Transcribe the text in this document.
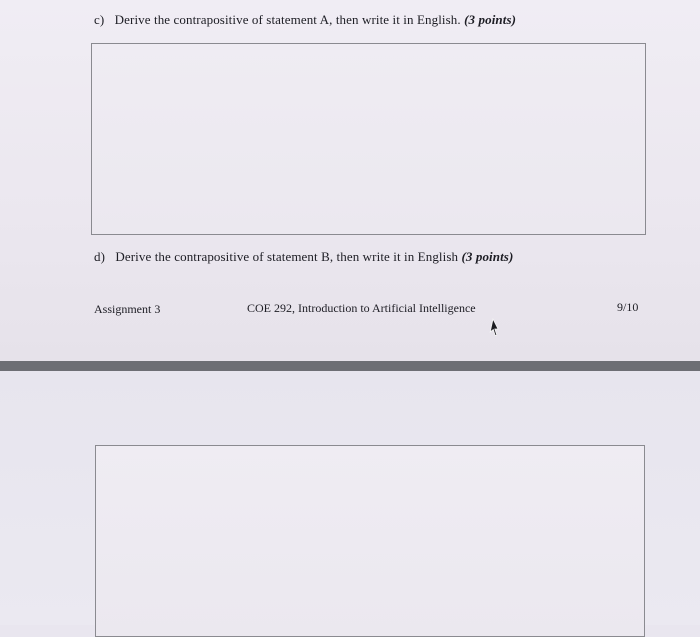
c) Derive the contrapositive of statement A, then write it in English. (3 points)
d) Derive the contrapositive of statement B, then write it in English (3 points)
Assignment 3	COE 292, Introduction to Artificial Intelligence	9/10
